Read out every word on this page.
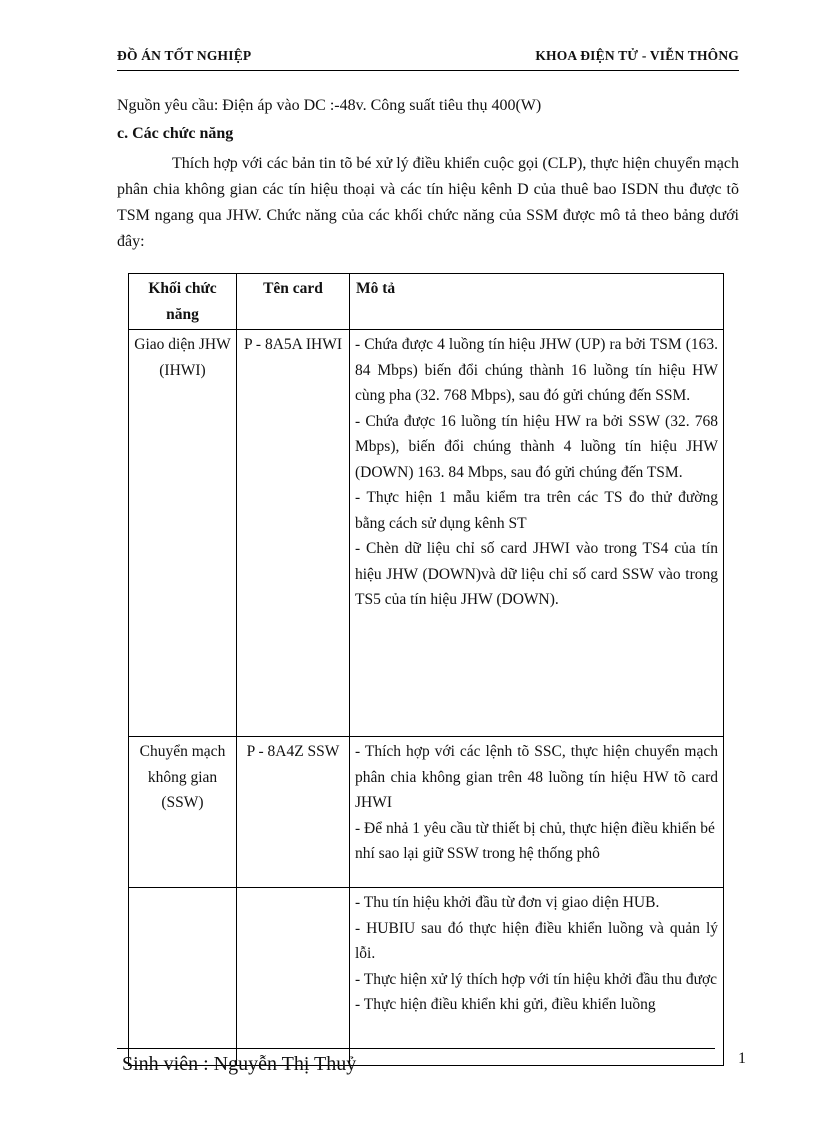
ĐỒ ÁN TỐT NGHIỆP	KHOA ĐIỆN TỬ - VIỄN THÔNG
Nguồn yêu cầu: Điện áp vào DC :-48v. Công suất tiêu thụ 400(W)
c. Các chức năng
Thích hợp với các bản tin tõ bé xử lý điều khiển cuộc gọi (CLP), thực hiện chuyển mạch phân chia không gian các tín hiệu thoại và các tín hiệu kênh D của thuê bao ISDN thu được tõ TSM ngang qua JHW. Chức năng của các khối chức năng của SSM được mô tả theo bảng dưới đây:
Khối chức năng	Tên card	Mô tả
Giao diện JHW (IHWI)	P - 8A5A IHWI	- Chứa được 4 luồng tín hiệu JHW (UP) ra bởi TSM (163. 84 Mbps) biến đổi chúng thành 16 luồng tín hiệu HW cùng pha (32. 768 Mbps), sau đó gửi chúng đến SSM.
- Chứa được 16 luồng tín hiệu HW ra bởi SSW (32. 768 Mbps), biến đổi chúng thành 4 luồng tín hiệu JHW (DOWN) 163. 84 Mbps, sau đó gửi chúng đến TSM.
- Thực hiện 1 mẫu kiểm tra trên các TS đo thử đường bằng cách sử dụng kênh ST
- Chèn dữ liệu chỉ số card JHWI vào trong TS4 của tín hiệu JHW (DOWN)và dữ liệu chỉ số card SSW vào trong TS5 của tín hiệu JHW (DOWN).

Chuyển mạch không gian (SSW)	P - 8A4Z SSW	- Thích hợp với các lệnh tõ SSC, thực hiện chuyển mạch phân chia không gian trên 48 luồng tín hiệu HW tõ card JHWI
- Để nhả 1 yêu cầu từ thiết bị chủ, thực hiện điều khiển bé nhí sao lại giữ SSW trong hệ thống phô

		- Thu tín hiệu khởi đầu từ đơn vị giao diện HUB.
- HUBIU sau đó thực hiện điều khiển luồng và quản lý lỗi.
- Thực hiện xử lý thích hợp với tín hiệu khởi đầu thu được
- Thực hiện điều khiển khi gửi, điều khiển luồng
Sinh viên : Nguyễn Thị Thuỷ	1
